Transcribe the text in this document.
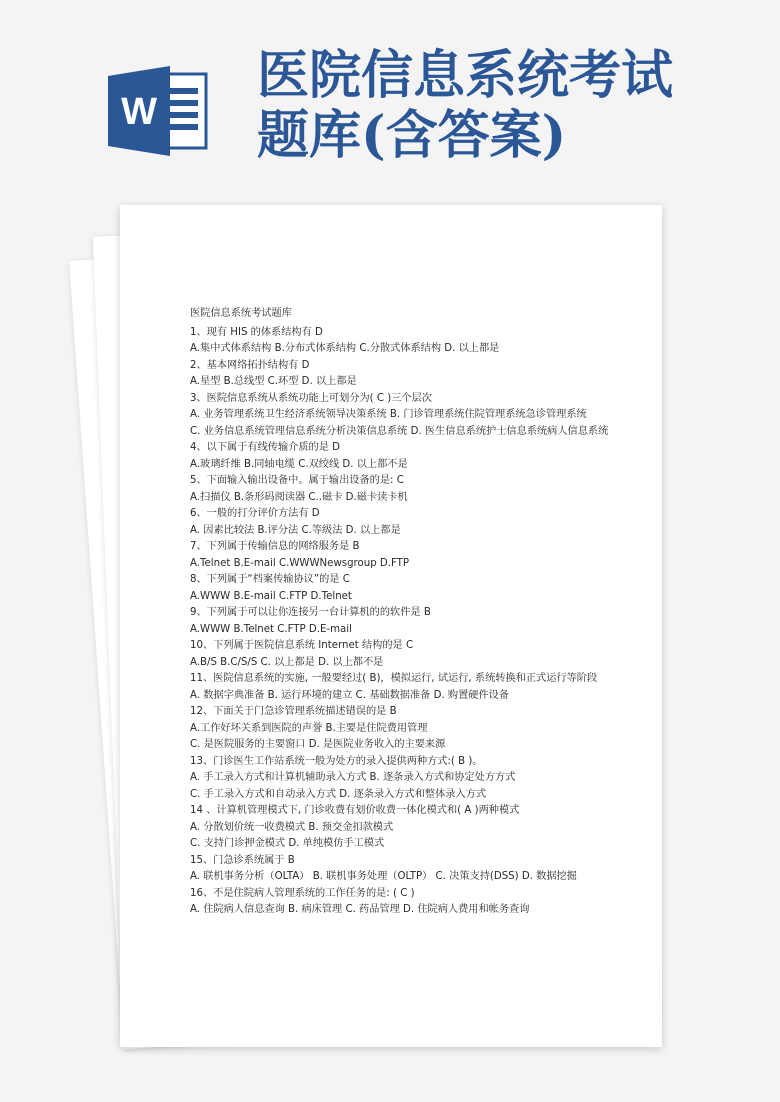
W
医院信息系统考试
题库(含答案)
医院信息系统考试题库
1、现有 HIS 的体系结构有 D
A.集中式体系结构 B.分布式体系结构 C.分散式体系结构 D. 以上都是
2、基本网络拓扑结构有 D
A.星型 B.总线型 C.环型 D. 以上都是
3、医院信息系统从系统功能上可划分为( C )三个层次
A. 业务管理系统卫生经济系统领导决策系统 B. 门诊管理系统住院管理系统急诊管理系统
C. 业务信息系统管理信息系统分析决策信息系统 D. 医生信息系统护士信息系统病人信息系统
4、以下属于有线传输介质的是 D
A.玻璃纤维 B.同轴电缆 C.双绞线 D. 以上都不是
5、下面输入输出设备中。属于输出设备的是: C
A.扫描仪 B.条形码阅读器 C..磁卡 D.磁卡读卡机
6、一般的打分评价方法有 D
A. 因素比较法 B.评分法 C.等级法 D. 以上都是
7、下列属于传输信息的网络服务是 B
A.Telnet B.E-mail C.WWWNewsgroup D.FTP
8、下列属于“档案传输协议”的是 C
A.WWW B.E-mail C.FTP D.Telnet
9、下列属于可以让你连接另一台计算机的的软件是 B
A.WWW B.Telnet C.FTP D.E-mail
10、下列属于医院信息系统 Internet 结构的是 C
A.B/S B.C/S/S C. 以上都是 D. 以上都不是
11、医院信息系统的实施, 一般要经过( B)，模拟运行, 试运行, 系统转换和正式运行等阶段
A. 数据字典准备 B. 运行环境的建立 C. 基础数据准备 D. 购置硬件设备
12、下面关于门急诊管理系统描述错误的是 B
A.工作好坏关系到医院的声誉 B.主要是住院费用管理
C. 是医院服务的主要窗口 D. 是医院业务收入的主要来源
13、门诊医生工作站系统一般为处方的录入提供两种方式:( B )。
A. 手工录入方式和计算机辅助录入方式 B. 逐条录入方式和协定处方方式
C. 手工录入方式和自动录入方式 D. 逐条录入方式和整体录入方式
14 、计算机管理模式下, 门诊收费有划价收费一体化模式和( A )两种模式
A. 分散划价统一收费模式 B. 预交金扣款模式
C. 支持门诊押金模式 D. 单纯模仿手工模式
15、门急诊系统属于 B
A. 联机事务分析（OLTA） B. 联机事务处理（OLTP） C. 决策支持(DSS) D. 数据挖掘
16、不是住院病人管理系统的工作任务的是: ( C )
A. 住院病人信息查询 B. 病床管理 C. 药品管理 D. 住院病人费用和帐务查询
